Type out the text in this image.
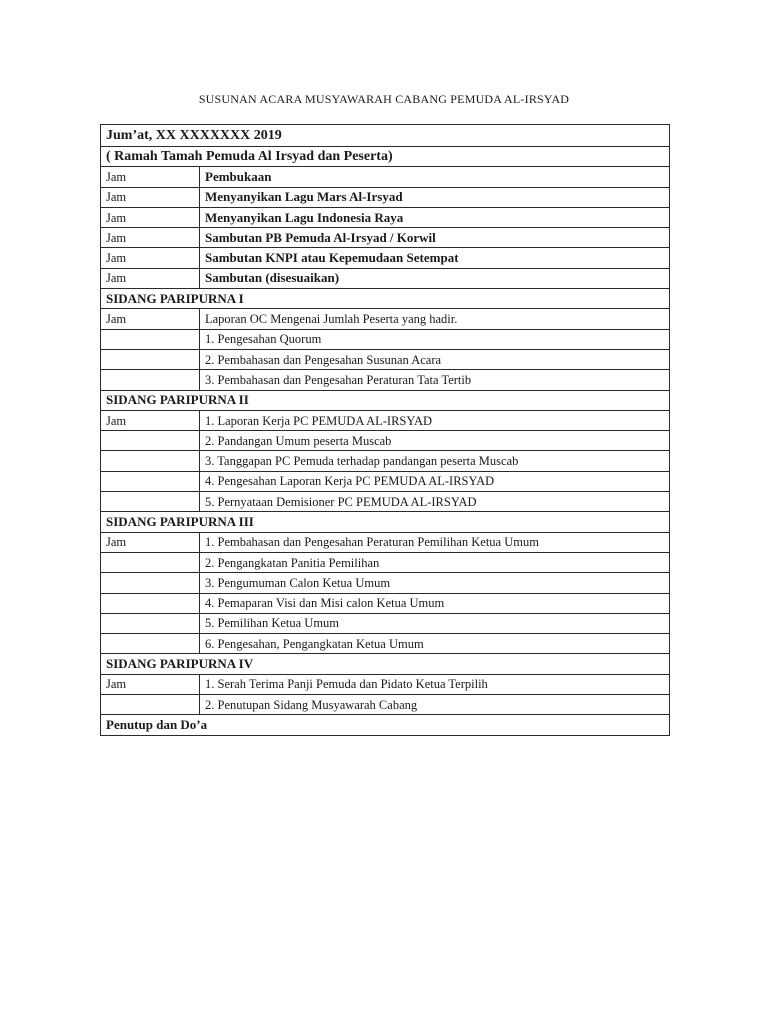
SUSUNAN ACARA MUSYAWARAH CABANG PEMUDA AL-IRSYAD
Jum’at, XX XXXXXXX 2019	
( Ramah Tamah Pemuda Al Irsyad dan Peserta)	
Jam	Pembukaan
Jam	Menyanyikan Lagu Mars Al-Irsyad
Jam	Menyanyikan Lagu Indonesia Raya
Jam	Sambutan PB Pemuda Al-Irsyad / Korwil
Jam	Sambutan KNPI atau Kepemudaan Setempat
Jam	Sambutan (disesuaikan)
SIDANG PARIPURNA I	
Jam	Laporan OC Mengenai Jumlah Peserta yang hadir.
	1. Pengesahan Quorum
	2. Pembahasan dan Pengesahan Susunan Acara
	3. Pembahasan dan Pengesahan Peraturan Tata Tertib
SIDANG PARIPURNA II	
Jam	1. Laporan Kerja PC PEMUDA AL-IRSYAD
	2. Pandangan Umum peserta Muscab
	3. Tanggapan PC Pemuda terhadap pandangan peserta Muscab
	4. Pengesahan Laporan Kerja PC PEMUDA AL-IRSYAD
	5. Pernyataan Demisioner PC PEMUDA AL-IRSYAD
SIDANG PARIPURNA III	
Jam	1. Pembahasan dan Pengesahan Peraturan Pemilihan Ketua Umum
	2. Pengangkatan Panitia Pemilihan
	3. Pengumuman Calon Ketua Umum
	4. Pemaparan Visi dan Misi calon Ketua Umum
	5. Pemilihan Ketua Umum
	6. Pengesahan, Pengangkatan Ketua Umum
SIDANG PARIPURNA IV	
Jam	1. Serah Terima Panji Pemuda dan Pidato Ketua Terpilih
	2. Penutupan Sidang Musyawarah Cabang
Penutup dan Do’a	
